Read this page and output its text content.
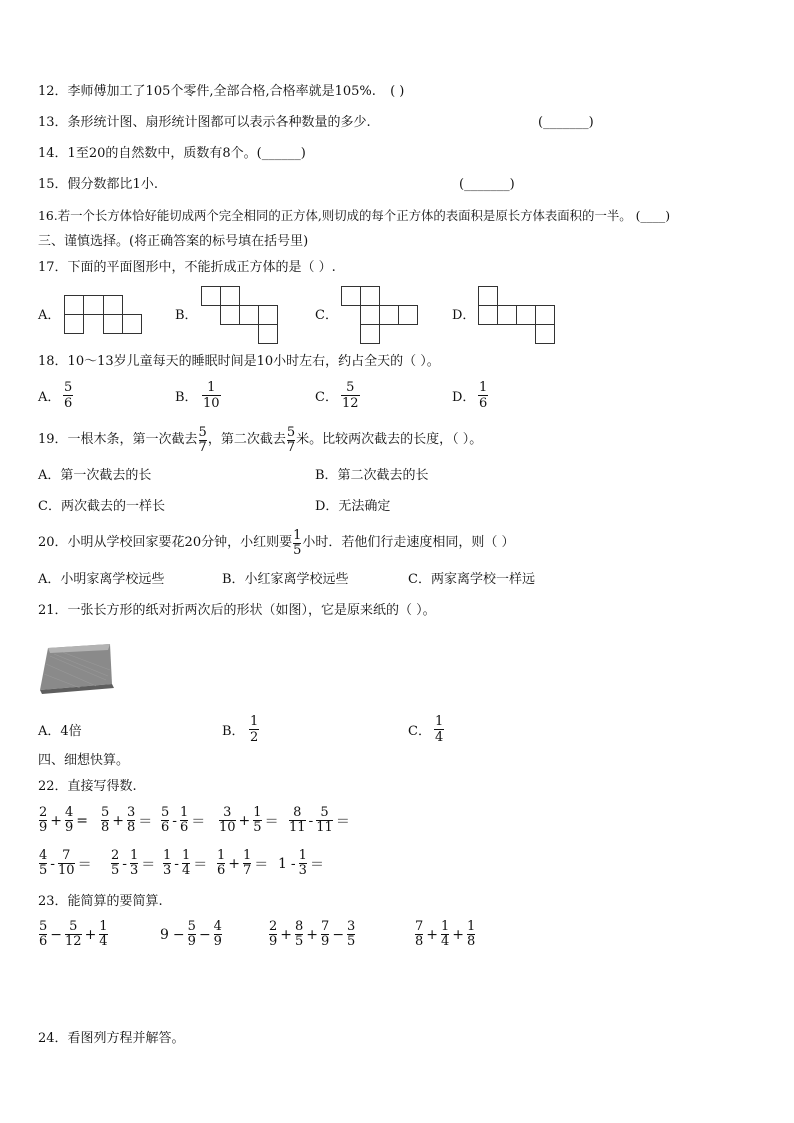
12．李师傅加工了105个零件,全部合格,合格率就是105%. ( )
13．条形统计图、扇形统计图都可以表示各种数量的多少.	(_______)
14．1至20的自然数中，质数有8个。(______)
15．假分数都比1小.	(_______)
16.若一个长方体恰好能切成两个完全相同的正方体,则切成的每个正方体的表面积是原长方体表面积的一半。 (____)
三、谨慎选择。(将正确答案的标号填在括号里)
17．下面的平面图形中，不能折成正方体的是（ ）.
A．	B．	C．	D．
18．10～13岁儿童每天的睡眠时间是10小时左右，约占全天的（ ）。
A．
5
6	B．
1
10	C．
5
12	D．
1
6
19．一根木条，第一次截去 5
7 ，第二次截去 5
7 米。比较两次截去的长度，（ ）。
A．第一次截去的长	B．第二次截去的长
C．两次截去的一样长	D．无法确定
20．小明从学校回家要花20分钟，小红则要 1
5 小时．若他们行走速度相同，则（ ）
A．小明家离学校远些	B．小红家离学校远些	C．两家离学校一样远
21．一张长方形的纸对折两次后的形状（如图），它是原来纸的（ ）。
A．4倍	B．
1
2	C．
1
4
四、细想快算。
22．直接写得数.
2
9 + 4
9 = 5
8 + 3
8 ＝
5
6 - 1
6 ＝
3
10 + 1
5 ＝
8
11 - 5
11 ＝
4
5 - 7
10 ＝
2
5 - 1
3 ＝
1
3 - 1
4 ＝
1
6 + 1
7 ＝ 1 - 1
3 ＝
23．能简算的要简算.
5
6 − 5
12 + 1
4	9 − 5
9 − 4
9
2
9 + 8
5 + 7
9 − 3
5
7
8 + 1
4 + 1
8
24．看图列方程并解答。
